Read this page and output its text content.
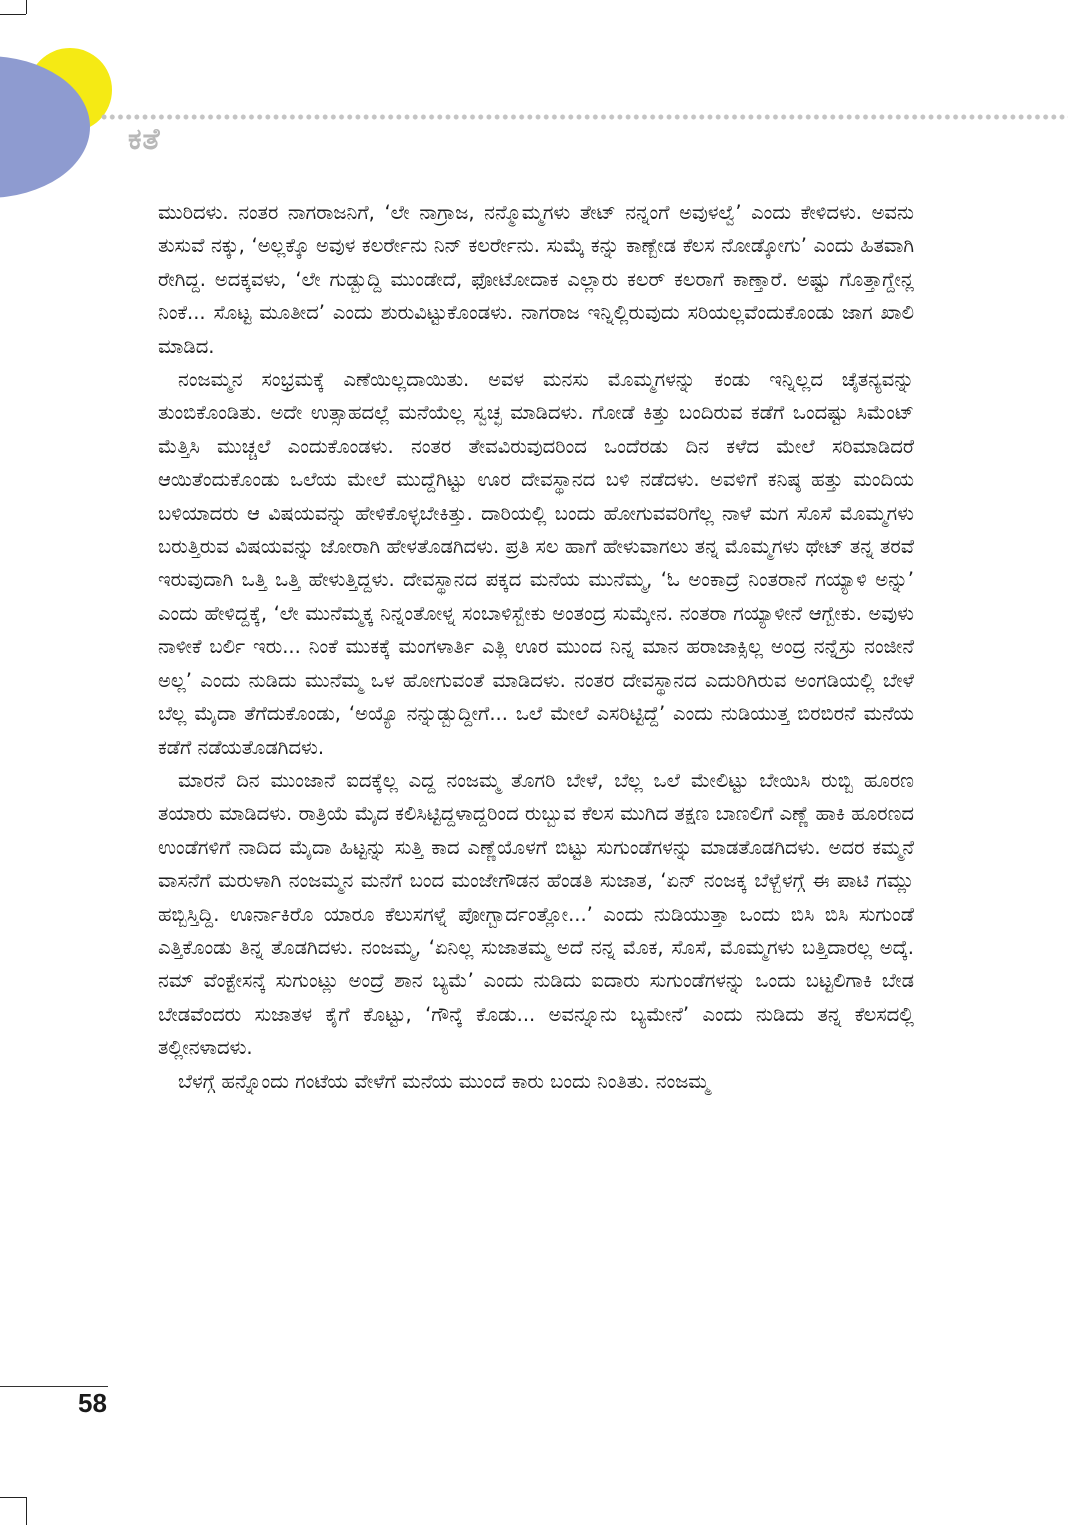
ಕತೆ

ಮುರಿದಳು. ನಂತರ ನಾಗರಾಜನಿಗೆ, ‘ಲೇ ನಾಗ್ರಾಜ, ನನ್ಮೊಮ್ಮಗಳು ತೇಟ್ ನನ್ನಂಗೆ ಅವುಳಲ್ವೆ’ ಎಂದು ಕೇಳಿದಳು. ಅವನು ತುಸುವೆ ನಕ್ಕು, ‘ಅಲ್ಲಕ್ಕೊ ಅವುಳ ಕಲರ್ರೇನು ನಿನ್ ಕಲರ್ರೇನು. ಸುಮ್ಕೆ ಕನ್ನು ಕಾಣ್ಬೇಡ ಕೆಲಸ ನೋಡ್ಕೋಗು’ ಎಂದು ಹಿತವಾಗಿ ರೇಗಿದ್ದ. ಅದಕ್ಕವಳು, ‘ಲೇ ಗುಡ್ಬುದ್ದಿ ಮುಂಡೇದೆ, ಫೋಟೋದಾಕ ಎಲ್ಲಾರು ಕಲರ್ ಕಲರಾಗೆ ಕಾಣ್ತಾರೆ. ಅಷ್ಟು ಗೊತ್ತಾಗ್ದೇನ್ಲ ನಿಂಕೆ... ಸೊಟ್ಟ ಮೂತೀದ’ ಎಂದು ಶುರುವಿಟ್ಟುಕೊಂಡಳು. ನಾಗರಾಜ ಇನ್ನಿಲ್ಲಿರುವುದು ಸರಿಯಲ್ಲವೆಂದುಕೊಂಡು ಜಾಗ ಖಾಲಿ ಮಾಡಿದ.

ನಂಜಮ್ಮನ ಸಂಭ್ರಮಕ್ಕೆ ಎಣೆಯಿಲ್ಲದಾಯಿತು. ಅವಳ ಮನಸು ಮೊಮ್ಮಗಳನ್ನು ಕಂಡು ಇನ್ನಿಲ್ಲದ ಚೈತನ್ಯವನ್ನು ತುಂಬಿಕೊಂಡಿತು. ಅದೇ ಉತ್ಸಾಹದಲ್ಲೆ ಮನೆಯೆಲ್ಲ ಸ್ವಚ್ಛ ಮಾಡಿದಳು. ಗೋಡೆ ಕಿತ್ತು ಬಂದಿರುವ ಕಡೆಗೆ ಒಂದಷ್ಟು ಸಿಮೆಂಟ್ ಮೆತ್ತಿಸಿ ಮುಚ್ಚಲೆ ಎಂದುಕೊಂಡಳು. ನಂತರ ತೇವವಿರುವುದರಿಂದ ಒಂದೆರಡು ದಿನ ಕಳೆದ ಮೇಲೆ ಸರಿಮಾಡಿದರೆ ಆಯಿತೆಂದುಕೊಂಡು ಒಲೆಯ ಮೇಲೆ ಮುದ್ದೆಗಿಟ್ಟು ಊರ ದೇವಸ್ಥಾನದ ಬಳಿ ನಡೆದಳು. ಅವಳಿಗೆ ಕನಿಷ್ಠ ಹತ್ತು ಮಂದಿಯ ಬಳಿಯಾದರು ಆ ವಿಷಯವನ್ನು ಹೇಳಿಕೊಳ್ಳಬೇಕಿತ್ತು. ದಾರಿಯಲ್ಲಿ ಬಂದು ಹೋಗುವವರಿಗೆಲ್ಲ ನಾಳೆ ಮಗ ಸೊಸೆ ಮೊಮ್ಮಗಳು ಬರುತ್ತಿರುವ ವಿಷಯವನ್ನು ಜೋರಾಗಿ ಹೇಳತೊಡಗಿದಳು. ಪ್ರತಿ ಸಲ ಹಾಗೆ ಹೇಳುವಾಗಲು ತನ್ನ ಮೊಮ್ಮಗಳು ಥೇಟ್ ತನ್ನ ತರವೆ ಇರುವುದಾಗಿ ಒತ್ತಿ ಒತ್ತಿ ಹೇಳುತ್ತಿದ್ದಳು. ದೇವಸ್ಥಾನದ ಪಕ್ಕದ ಮನೆಯ ಮುನೆಮ್ಮ, ‘ಓ ಅಂಕಾದ್ರೆ ನಿಂತರಾನೆ ಗಯ್ಯಾಳಿ ಅನ್ನು’ ಎಂದು ಹೇಳಿದ್ದಕ್ಕೆ, ‘ಲೇ ಮುನೆಮ್ಮಕ್ಕ ನಿನ್ನಂತೋಳ್ನ ಸಂಬಾಳಿಸ್ಬೇಕು ಅಂತಂದ್ರ ಸುಮ್ಕೇನ. ನಂತರಾ ಗಯ್ಯಾಳೀನೆ ಆಗ್ಬೇಕು. ಅವುಳು ನಾಳೀಕೆ ಬರ್ಲಿ ಇರು... ನಿಂಕೆ ಮುಕಕ್ಕೆ ಮಂಗಳಾರ್ತಿ ಎತ್ಲಿ ಊರ ಮುಂದ ನಿನ್ನ ಮಾನ ಹರಾಜಾಕ್ಸಿಲ್ಲ ಅಂದ್ರ ನನ್ನೆಸ್ರು ನಂಜೀನೆ ಅಲ್ಲ’ ಎಂದು ನುಡಿದು ಮುನೆಮ್ಮ ಒಳ ಹೋಗುವಂತೆ ಮಾಡಿದಳು. ನಂತರ ದೇವಸ್ಥಾನದ ಎದುರಿಗಿರುವ ಅಂಗಡಿಯಲ್ಲಿ ಬೇಳೆ ಬೆಲ್ಲ ಮೈದಾ ತೆಗೆದುಕೊಂಡು, ‘ಅಯ್ಯೊ ನನ್ನುಡ್ಬುದ್ದೀಗೆ... ಒಲೆ ಮೇಲೆ ಎಸರಿಟ್ಟಿದ್ದೆ’ ಎಂದು ನುಡಿಯುತ್ತ ಬಿರಬಿರನೆ ಮನೆಯ ಕಡೆಗೆ ನಡೆಯತೊಡಗಿದಳು.

ಮಾರನೆ ದಿನ ಮುಂಜಾನೆ ಐದಕ್ಕೆಲ್ಲ ಎದ್ದ ನಂಜಮ್ಮ ತೊಗರಿ ಬೇಳೆ, ಬೆಲ್ಲ ಒಲೆ ಮೇಲಿಟ್ಟು ಬೇಯಿಸಿ ರುಬ್ಬಿ ಹೂರಣ ತಯಾರು ಮಾಡಿದಳು. ರಾತ್ರಿಯೆ ಮೈದ ಕಲಿಸಿಟ್ಟಿದ್ದಳಾದ್ದರಿಂದ ರುಬ್ಬುವ ಕೆಲಸ ಮುಗಿದ ತಕ್ಷಣ ಬಾಣಲಿಗೆ ಎಣ್ಣೆ ಹಾಕಿ ಹೂರಣದ ಉಂಡೆಗಳಿಗೆ ನಾದಿದ ಮೈದಾ ಹಿಟ್ಟನ್ನು ಸುತ್ತಿ ಕಾದ ಎಣ್ಣೆಯೊಳಗೆ ಬಿಟ್ಟು ಸುಗುಂಡೆಗಳನ್ನು ಮಾಡತೊಡಗಿದಳು. ಅದರ ಕಮ್ಮನೆ ವಾಸನೆಗೆ ಮರುಳಾಗಿ ನಂಜಮ್ಮನ ಮನೆಗೆ ಬಂದ ಮಂಜೇಗೌಡನ ಹೆಂಡತಿ ಸುಜಾತ, ‘ಏನ್ ನಂಜಕ್ಕ ಬೆಳ್ಬೆಳಗ್ಗೆ ಈ ಪಾಟಿ ಗಮ್ಲು ಹಬ್ಬಿಸ್ತಿದ್ದಿ. ಊರ್ನಾಕಿರೊ ಯಾರೂ ಕೆಲುಸಗಳ್ನೆ ಪೋಗ್ಬಾರ್ದಂತ್ಲೋ...’ ಎಂದು ನುಡಿಯುತ್ತಾ ಒಂದು ಬಿಸಿ ಬಿಸಿ ಸುಗುಂಡೆ ಎತ್ತಿಕೊಂಡು ತಿನ್ನ ತೊಡಗಿದಳು. ನಂಜಮ್ಮ, ‘ಏನಿಲ್ಲ ಸುಜಾತಮ್ಮ ಅದೆ ನನ್ನ ಮೊಕ, ಸೊಸೆ, ಮೊಮ್ಮಗಳು ಬತ್ತಿದಾರಲ್ಲ ಅದ್ಕೆ. ನಮ್ ವೆಂಕ್ಟೇಸನ್ಕೆ ಸುಗುಂಟ್ಲು ಅಂದ್ರೆ ಶಾನ ಬ್ಯಮೆ’ ಎಂದು ನುಡಿದು ಐದಾರು ಸುಗುಂಡೆಗಳನ್ನು ಒಂದು ಬಟ್ಟಲಿಗಾಕಿ ಬೇಡ ಬೇಡವೆಂದರು ಸುಜಾತಳ ಕೈಗೆ ಕೊಟ್ಟು, ‘ಗೌನ್ಕೆ ಕೊಡು... ಅವನ್ನೂನು ಬ್ಯಮೇನೆ’ ಎಂದು ನುಡಿದು ತನ್ನ ಕೆಲಸದಲ್ಲಿ ತಲ್ಲೀನಳಾದಳು.

ಬೆಳಗ್ಗೆ ಹನ್ನೊಂದು ಗಂಟೆಯ ವೇಳೆಗೆ ಮನೆಯ ಮುಂದೆ ಕಾರು ಬಂದು ನಿಂತಿತು. ನಂಜಮ್ಮ

58
